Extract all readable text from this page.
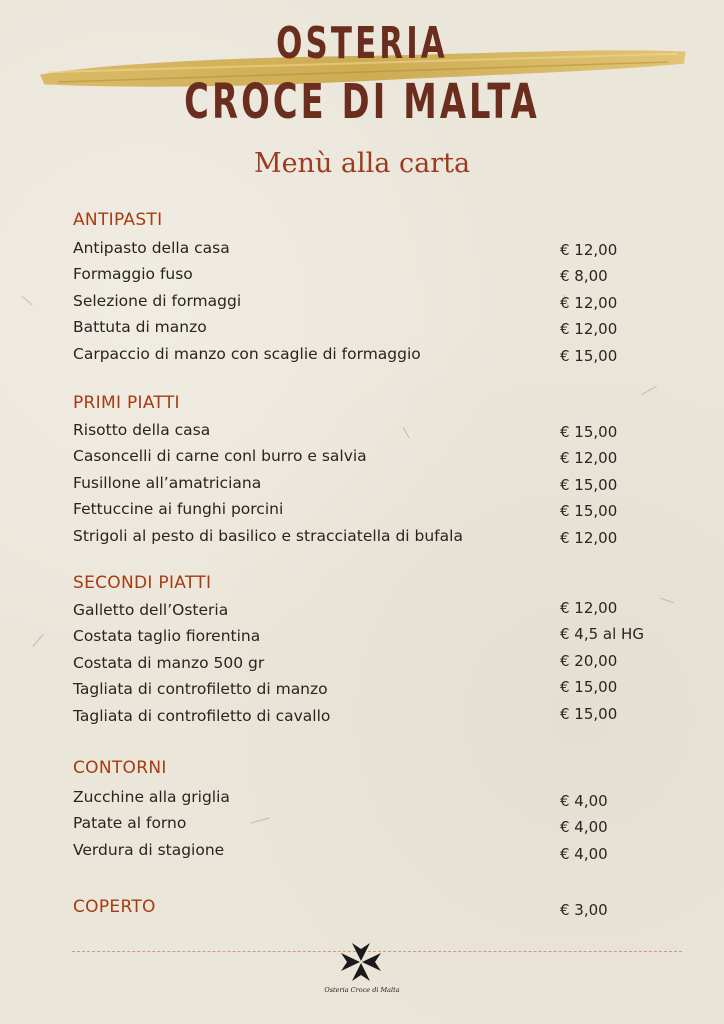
OSTERIA
CROCE DI MALTA
Menù alla carta
ANTIPASTI
Antipasto della casa	€ 12,00
Formaggio fuso	€ 8,00
Selezione di formaggi	€ 12,00
Battuta di manzo	€ 12,00
Carpaccio di manzo con scaglie di formaggio	€ 15,00
PRIMI PIATTI
Risotto della casa	€ 15,00
Casoncelli di carne conl burro e salvia	€ 12,00
Fusillone all’amatriciana	€ 15,00
Fettuccine ai funghi porcini	€ 15,00
Strigoli al pesto di basilico e stracciatella di bufala	€ 12,00
SECONDI PIATTI
Galletto dell’Osteria	€ 12,00
Costata taglio fiorentina	€ 4,5 al HG
Costata di manzo 500 gr	€ 20,00
Tagliata di controfiletto di manzo	€ 15,00
Tagliata di controfiletto di cavallo	€ 15,00
CONTORNI
Zucchine alla griglia	€ 4,00
Patate al forno	€ 4,00
Verdura di stagione	€ 4,00
COPERTO	€ 3,00
Osteria Croce di Malta
